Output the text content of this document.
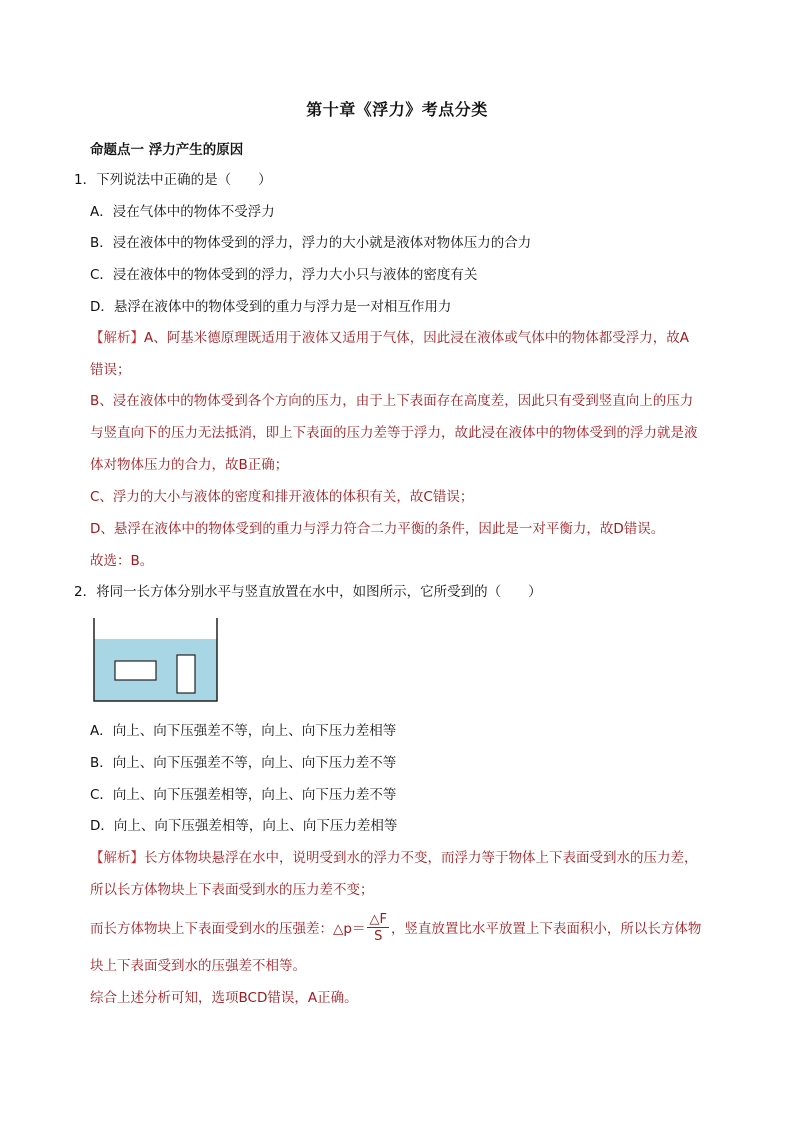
第十章《浮力》考点分类
命题点一 浮力产生的原因
1．下列说法中正确的是（　　）
A．浸在气体中的物体不受浮力
B．浸在液体中的物体受到的浮力，浮力的大小就是液体对物体压力的合力
C．浸在液体中的物体受到的浮力，浮力大小只与液体的密度有关
D．悬浮在液体中的物体受到的重力与浮力是一对相互作用力
【解析】A、阿基米德原理既适用于液体又适用于气体，因此浸在液体或气体中的物体都受浮力，故A
错误；
B、浸在液体中的物体受到各个方向的压力，由于上下表面存在高度差，因此只有受到竖直向上的压力
与竖直向下的压力无法抵消，即上下表面的压力差等于浮力，故此浸在液体中的物体受到的浮力就是液
体对物体压力的合力，故B正确；
C、浮力的大小与液体的密度和排开液体的体积有关，故C错误；
D、悬浮在液体中的物体受到的重力与浮力符合二力平衡的条件，因此是一对平衡力，故D错误。
故选：B。
2．将同一长方体分别水平与竖直放置在水中，如图所示，它所受到的（　　）
A．向上、向下压强差不等，向上、向下压力差相等
B．向上、向下压强差不等，向上、向下压力差不等
C．向上、向下压强差相等，向上、向下压力差不等
D．向上、向下压强差相等，向上、向下压力差相等
【解析】长方体物块悬浮在水中，说明受到水的浮力不变，而浮力等于物体上下表面受到水的压力差，
所以长方体物块上下表面受到水的压力差不变；
而长方体物块上下表面受到水的压强差：△p＝ $\frac{\triangle F}{S}$ ，竖直放置比水平放置上下表面积小，所以长方体物
块上下表面受到水的压强差不相等。
综合上述分析可知，选项BCD错误，A正确。
